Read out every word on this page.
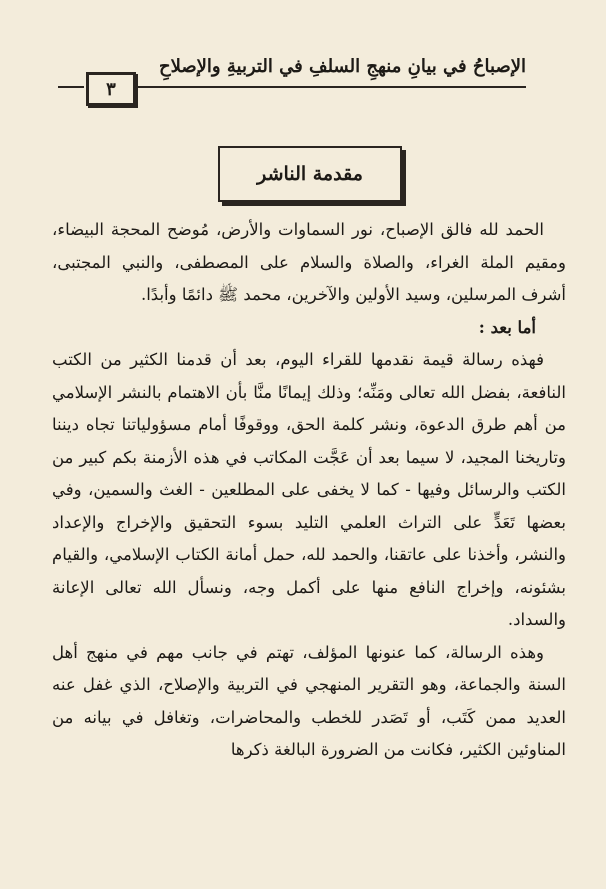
الإصباحُ في بيانِ منهجِ السلفِ في التربيةِ والإصلاحِ
٣
مقدمة الناشر

الحمد لله فالق الإصباح، نور السماوات والأرض، مُوضح المحجة البيضاء، ومقيم الملة الغراء، والصلاة والسلام على المصطفى، والنبي المجتبى، أشرف المرسلين، وسيد الأولين والآخرين، محمد ﷺ دائمًا وأبدًا.

أما بعد :

فهذه رسالة قيمة نقدمها للقراء اليوم، بعد أن قدمنا الكثير من الكتب النافعة، بفضل الله تعالى ومَنِّه؛ وذلك إيمانًا منَّا بأن الاهتمام بالنشر الإسلامي من أهم طرق الدعوة، ونشر كلمة الحق، ووقوفًا أمام مسؤولياتنا تجاه ديننا وتاريخنا المجيد، لا سيما بعد أن عَجَّت المكاتب في هذه الأزمنة بكم كبير من الكتب والرسائل وفيها - كما لا يخفى على المطلعين - الغث والسمين، وفي بعضها تَعَدٍّ على التراث العلمي التليد بسوء التحقيق والإخراج والإعداد والنشر، وأخذنا على عاتقنا، والحمد لله، حمل أمانة الكتاب الإسلامي، والقيام بشئونه، وإخراج النافع منها على أكمل وجه، ونسأل الله تعالى الإعانة والسداد.

وهذه الرسالة، كما عنونها المؤلف، تهتم في جانب مهم في منهج أهل السنة والجماعة، وهو التقرير المنهجي في التربية والإصلاح، الذي غفل عنه العديد ممن كَتَب، أو تَصَدر للخطب والمحاضرات، وتغافل في بيانه من المناوئين الكثير، فكانت من الضرورة البالغة ذكرها
